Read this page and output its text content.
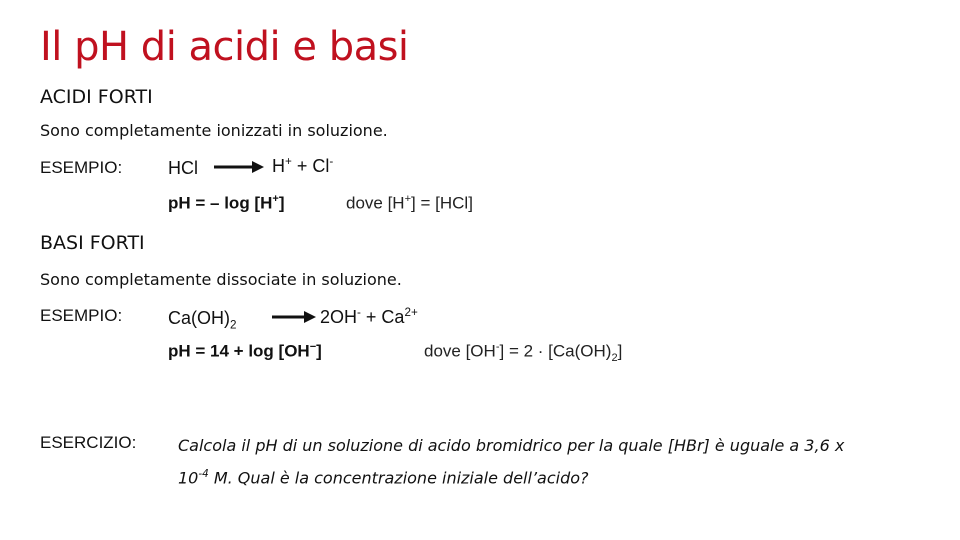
Il pH di acidi e basi
ACIDI FORTI
Sono completamente ionizzati in soluzione.
ESEMPIO:	HCl → H+ + Cl-
pH = – log [H+]	dove [H+] = [HCl]
BASI FORTI
Sono completamente dissociate in soluzione.
ESEMPIO:	$Ca(OH)_2 \to 2OH^- + Ca^{2+}$
pH = 14 + log [OH−]	dove $[OH^-] = 2 \cdot [Ca(OH)_2]$
ESERCIZIO:	Calcola il pH di un soluzione di acido bromidrico per la quale [HBr] è uguale a 3,6 x
$10^{-4}$ M. Qual è la concentrazione iniziale dell’acido?
